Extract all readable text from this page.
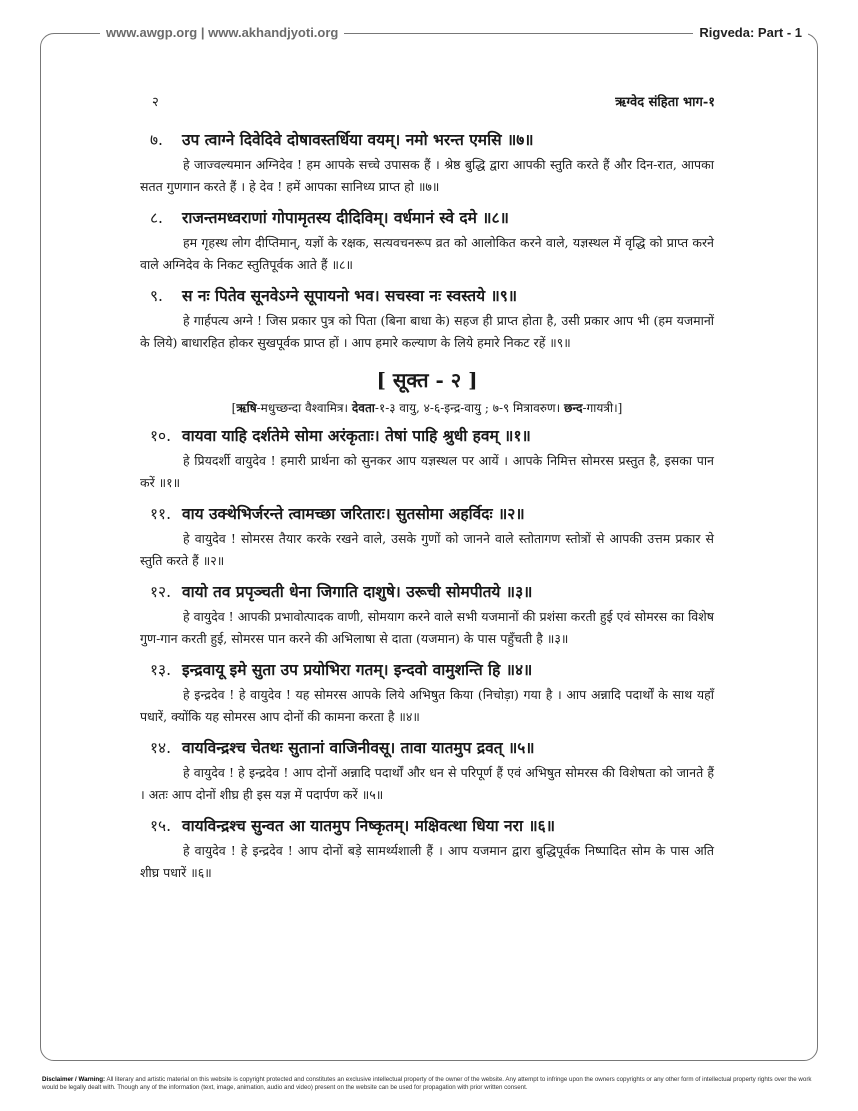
www.awgp.org | www.akhandjyoti.org	Rigveda: Part - 1
२	ऋग्वेद संहिता भाग-१
७. उप त्वाग्ने दिवेदिवे दोषावस्तर्धिया वयम्। नमो भरन्त एमसि ॥७॥

हे जाज्वल्यमान अग्निदेव ! हम आपके सच्चे उपासक हैं । श्रेष्ठ बुद्धि द्वारा आपकी स्तुति करते हैं और दिन-रात, आपका सतत गुणगान करते हैं । हे देव ! हमें आपका सानिध्य प्राप्त हो ॥७॥

८. राजन्तमध्वराणां गोपामृतस्य दीदिविम्। वर्धमानं स्वे दमे ॥८॥

हम गृहस्थ लोग दीप्तिमान्, यज्ञों के रक्षक, सत्यवचनरूप व्रत को आलोकित करने वाले, यज्ञस्थल में वृद्धि को प्राप्त करने वाले अग्निदेव के निकट स्तुतिपूर्वक आते हैं ॥८॥

९. स नः पितेव सूनवेऽग्ने सूपायनो भव। सचस्वा नः स्वस्तये ॥९॥

हे गार्हपत्य अग्ने ! जिस प्रकार पुत्र को पिता (बिना बाधा के) सहज ही प्राप्त होता है, उसी प्रकार आप भी (हम यजमानों के लिये) बाधारहित होकर सुखपूर्वक प्राप्त हों । आप हमारे कल्याण के लिये हमारे निकट रहें ॥९॥

[ सूक्त - २ ]
[ऋषि-मधुच्छन्दा वैश्वामित्र। देवता-१-३ वायु, ४-६-इन्द्र-वायु ; ७-९ मित्रावरुण। छन्द-गायत्री।]
१०. वायवा याहि दर्शतेमे सोमा अरंकृताः। तेषां पाहि श्रुधी हवम् ॥१॥

हे प्रियदर्शी वायुदेव ! हमारी प्रार्थना को सुनकर आप यज्ञस्थल पर आयें । आपके निमित्त सोमरस प्रस्तुत है, इसका पान करें ॥१॥

११. वाय उक्थेभिर्जरन्ते त्वामच्छा जरितारः। सुतसोमा अहर्विदः ॥२॥

हे वायुदेव ! सोमरस तैयार करके रखने वाले, उसके गुणों को जानने वाले स्तोतागण स्तोत्रों से आपकी उत्तम प्रकार से स्तुति करते हैं ॥२॥

१२. वायो तव प्रपृञ्चती धेना जिगाति दाशुषे। उरूची सोमपीतये ॥३॥

हे वायुदेव ! आपकी प्रभावोत्पादक वाणी, सोमयाग करने वाले सभी यजमानों की प्रशंसा करती हुई एवं सोमरस का विशेष गुण-गान करती हुई, सोमरस पान करने की अभिलाषा से दाता (यजमान) के पास पहुँचती है ॥३॥

१३. इन्द्रवायू इमे सुता उप प्रयोभिरा गतम्। इन्दवो वामुशन्ति हि ॥४॥

हे इन्द्रदेव ! हे वायुदेव ! यह सोमरस आपके लिये अभिषुत किया (निचोड़ा) गया है । आप अन्नादि पदार्थों के साथ यहाँ पधारें, क्योंकि यह सोमरस आप दोनों की कामना करता है ॥४॥

१४. वायविन्द्रश्च चेतथः सुतानां वाजिनीवसू। तावा यातमुप द्रवत् ॥५॥

हे वायुदेव ! हे इन्द्रदेव ! आप दोनों अन्नादि पदार्थों और धन से परिपूर्ण हैं एवं अभिषुत सोमरस की विशेषता को जानते हैं । अतः आप दोनों शीघ्र ही इस यज्ञ में पदार्पण करें ॥५॥

१५. वायविन्द्रश्च सुन्वत आ यातमुप निष्कृतम्। मक्षिवत्था धिया नरा ॥६॥

हे वायुदेव ! हे इन्द्रदेव ! आप दोनों बड़े सामर्थ्यशाली हैं । आप यजमान द्वारा बुद्धिपूर्वक निष्पादित सोम के पास अति शीघ्र पधारें ॥६॥

Disclaimer / Warning: All literary and artistic material on this website is copyright protected and constitutes an exclusive intellectual property of the owner of the website. Any attempt to infringe upon the owners copyrights or any other form of intellectual property rights over the work would be legally dealt with. Though any of the information (text, image, animation, audio and video) present on the website can be used for propagation with prior written consent.
